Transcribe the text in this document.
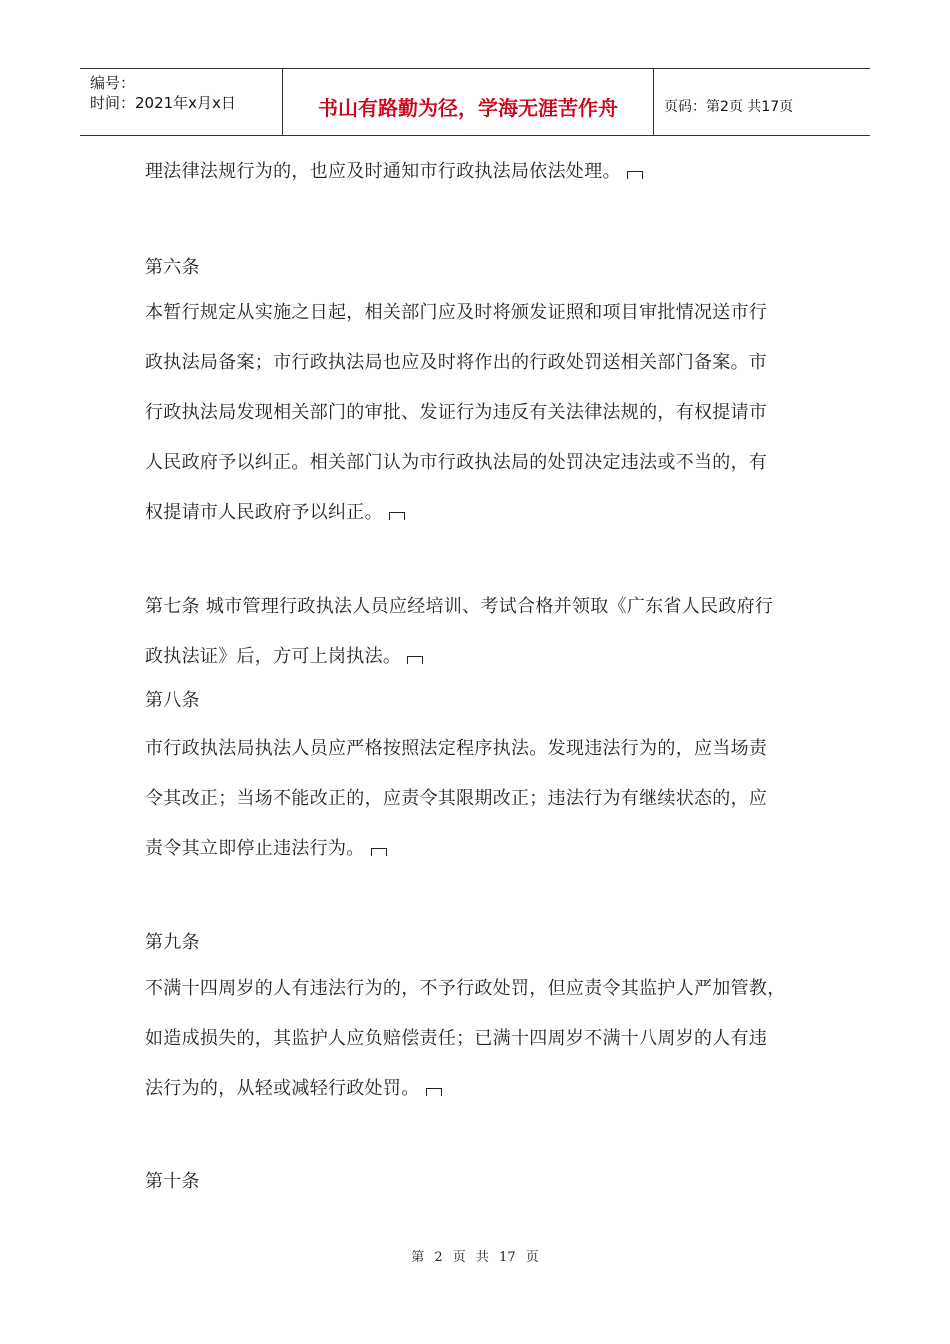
编号：
时间：2021年x月x日	书山有路勤为径，学海无涯苦作舟	页码：第2页 共17页
理法律法规行为的，也应及时通知市行政执法局依法处理。
第六条
本暂行规定从实施之日起，相关部门应及时将颁发证照和项目审批情况送市行
政执法局备案；市行政执法局也应及时将作出的行政处罚送相关部门备案。市
行政执法局发现相关部门的审批、发证行为违反有关法律法规的，有权提请市
人民政府予以纠正。相关部门认为市行政执法局的处罚决定违法或不当的，有
权提请市人民政府予以纠正。
第七条 城市管理行政执法人员应经培训、考试合格并领取《广东省人民政府行
政执法证》后，方可上岗执法。
第八条
市行政执法局执法人员应严格按照法定程序执法。发现违法行为的，应当场责
令其改正；当场不能改正的，应责令其限期改正；违法行为有继续状态的，应
责令其立即停止违法行为。
第九条
不满十四周岁的人有违法行为的，不予行政处罚，但应责令其监护人严加管教，
如造成损失的，其监护人应负赔偿责任；已满十四周岁不满十八周岁的人有违
法行为的，从轻或减轻行政处罚。
第十条
第 2 页 共 17 页
